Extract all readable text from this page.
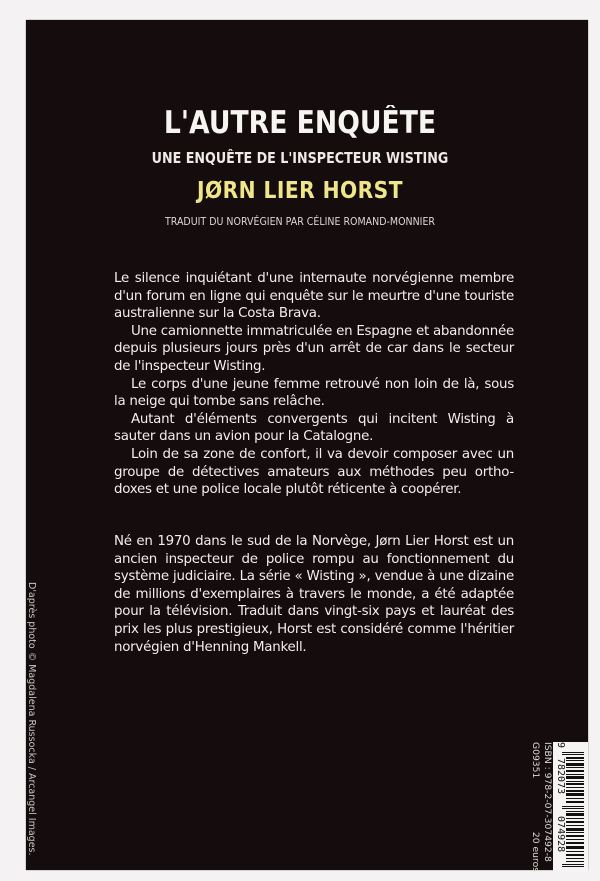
L'AUTRE ENQUÊTE
UNE ENQUÊTE DE L'INSPECTEUR WISTING
JØRN LIER HORST
TRADUIT DU NORVÉGIEN PAR CÉLINE ROMAND-MONNIER

Le silence inquiétant d'une internaute norvégienne membre d'un forum en ligne qui enquête sur le meurtre d'une touriste australienne sur la Costa Brava.

Une camionnette immatriculée en Espagne et abandonnée depuis plusieurs jours près d'un arrêt de car dans le secteur de l'inspecteur Wisting.

Le corps d'une jeune femme retrouvé non loin de là, sous la neige qui tombe sans relâche.

Autant d'éléments convergents qui incitent Wisting à sauter dans un avion pour la Catalogne.

Loin de sa zone de confort, il va devoir composer avec un groupe de détectives amateurs aux méthodes peu ortho-doxes et une police locale plutôt réticente à coopérer.

Né en 1970 dans le sud de la Norvège, Jørn Lier Horst est un ancien inspecteur de police rompu au fonctionnement du système judiciaire. La série « Wisting », vendue à une dizaine de millions d'exemplaires à travers le monde, a été adaptée pour la télévision. Traduit dans vingt-six pays et lauréat des prix les plus prestigieux, Horst est considéré comme l'héritier norvégien d'Henning Mankell.

D'après photo © Magdalena Russocka / Arcangel Images.	ISBN : 978-2-07-307492-8
G09351
20 euros
9 782073 074928
